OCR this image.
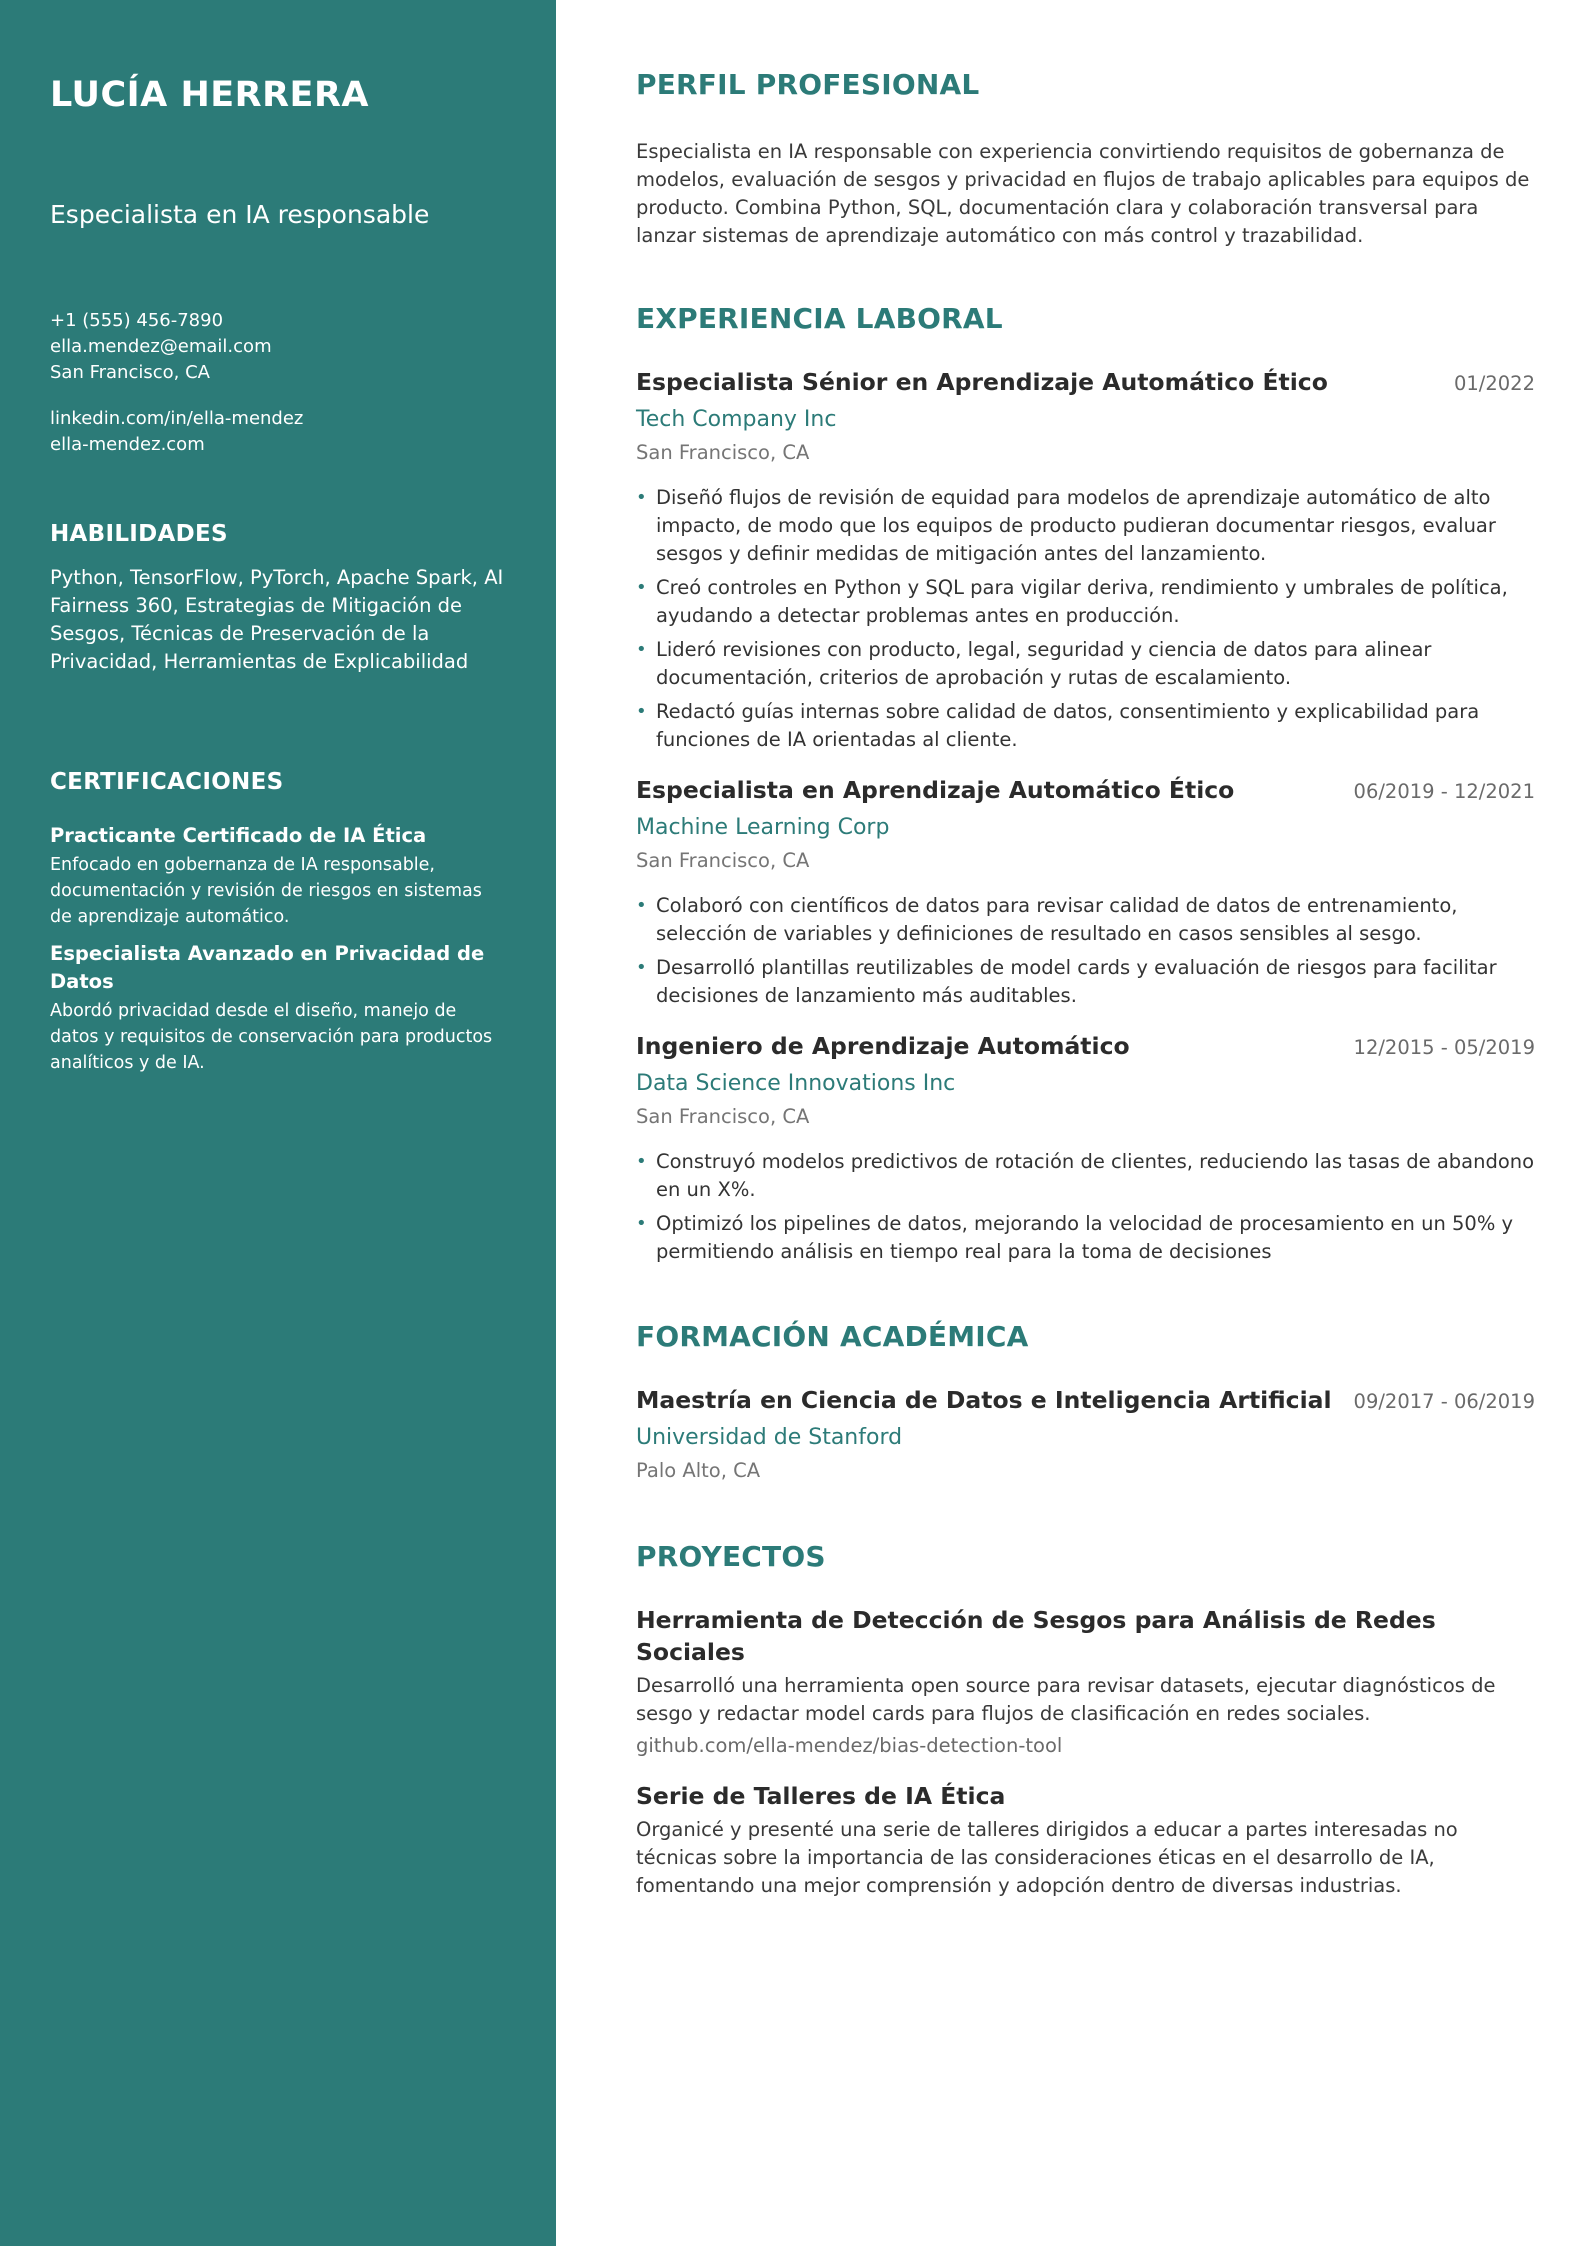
LUCÍA HERRERA
Especialista en IA responsable
+1 (555) 456-7890
ella.mendez@email.com
San Francisco, CA
linkedin.com/in/ella-mendez
ella-mendez.com
HABILIDADES
Python, TensorFlow, PyTorch, Apache Spark, AI Fairness 360, Estrategias de Mitigación de Sesgos, Técnicas de Preservación de la Privacidad, Herramientas de Explicabilidad
CERTIFICACIONES
Practicante Certificado de IA Ética
Enfocado en gobernanza de IA responsable, documentación y revisión de riesgos en sistemas de aprendizaje automático.
Especialista Avanzado en Privacidad de Datos
Abordó privacidad desde el diseño, manejo de datos y requisitos de conservación para productos analíticos y de IA.
PERFIL PROFESIONAL
Especialista en IA responsable con experiencia convirtiendo requisitos de gobernanza de modelos, evaluación de sesgos y privacidad en flujos de trabajo aplicables para equipos de producto. Combina Python, SQL, documentación clara y colaboración transversal para lanzar sistemas de aprendizaje automático con más control y trazabilidad.
EXPERIENCIA LABORAL
Especialista Sénior en Aprendizaje Automático Ético	01/2022
Tech Company Inc
San Francisco, CA
• Diseñó flujos de revisión de equidad para modelos de aprendizaje automático de alto impacto, de modo que los equipos de producto pudieran documentar riesgos, evaluar sesgos y definir medidas de mitigación antes del lanzamiento.
• Creó controles en Python y SQL para vigilar deriva, rendimiento y umbrales de política, ayudando a detectar problemas antes en producción.
• Lideró revisiones con producto, legal, seguridad y ciencia de datos para alinear documentación, criterios de aprobación y rutas de escalamiento.
• Redactó guías internas sobre calidad de datos, consentimiento y explicabilidad para funciones de IA orientadas al cliente.
Especialista en Aprendizaje Automático Ético	06/2019 - 12/2021
Machine Learning Corp
San Francisco, CA
• Colaboró con científicos de datos para revisar calidad de datos de entrenamiento, selección de variables y definiciones de resultado en casos sensibles al sesgo.
• Desarrolló plantillas reutilizables de model cards y evaluación de riesgos para facilitar decisiones de lanzamiento más auditables.
Ingeniero de Aprendizaje Automático	12/2015 - 05/2019
Data Science Innovations Inc
San Francisco, CA
• Construyó modelos predictivos de rotación de clientes, reduciendo las tasas de abandono en un X%.
• Optimizó los pipelines de datos, mejorando la velocidad de procesamiento en un 50% y permitiendo análisis en tiempo real para la toma de decisiones
FORMACIÓN ACADÉMICA
Maestría en Ciencia de Datos e Inteligencia Artificial 09/2017 - 06/2019
Universidad de Stanford
Palo Alto, CA
PROYECTOS
Herramienta de Detección de Sesgos para Análisis de Redes Sociales
Desarrolló una herramienta open source para revisar datasets, ejecutar diagnósticos de sesgo y redactar model cards para flujos de clasificación en redes sociales.
github.com/ella-mendez/bias-detection-tool
Serie de Talleres de IA Ética
Organicé y presenté una serie de talleres dirigidos a educar a partes interesadas no técnicas sobre la importancia de las consideraciones éticas en el desarrollo de IA, fomentando una mejor comprensión y adopción dentro de diversas industrias.
